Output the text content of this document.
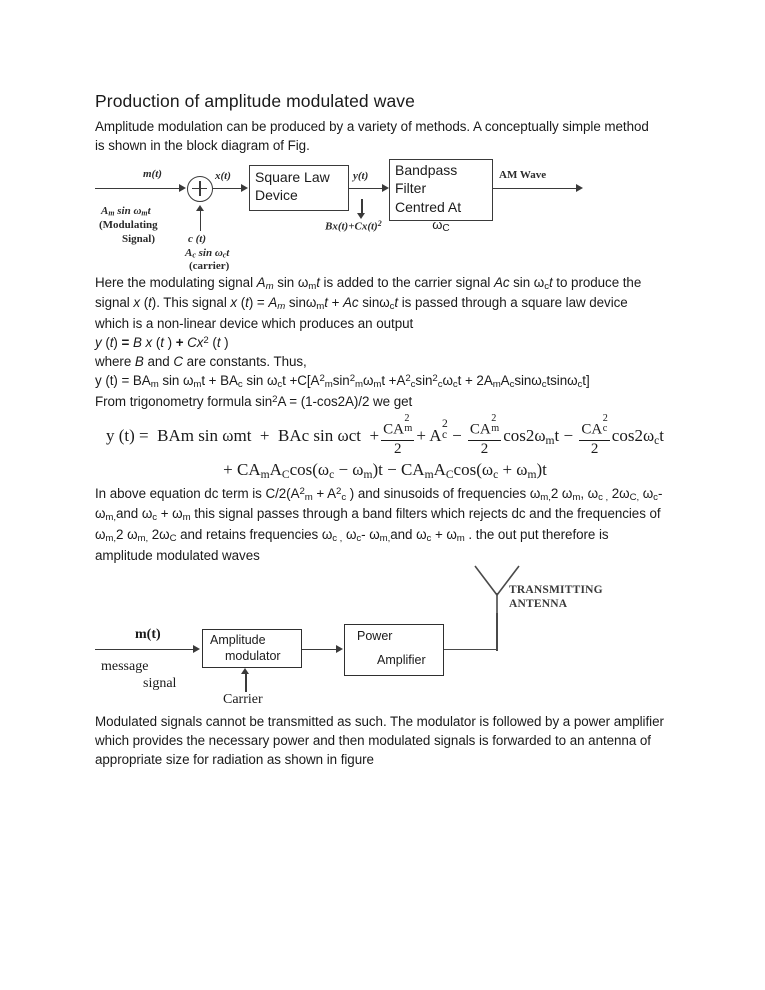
Production of amplitude modulated wave

Amplitude modulation can be produced by a variety of methods. A conceptually simple method is shown in the block diagram of Fig.

m(t)
$A_m$ $\sin \omega_mt$
(Modulating
Signal)	c (t)
$A_c$ $\sin \omega_ct$
(carrier)
x(t) Square Law
Device
y(t)
$Bx(t)+Cx(t)^2$
Bandpass Filter
Centred At
$\omega_C$
AM Wave

Here the modulating signal $A_m$ $\sin \omega_mt$ is added to the carrier signal Ac $\sin \omega_ct$ to produce the signal x (t). This signal x $(t) = A_m$ sinω$_m$t + Ac sinω$_c$t is passed through a square law device which is a non-linear device which produces an output

y (t) = B x (t ) + $Cx^2$ (t )

where B and C are constants. Thus,

y $(t) = BA_m$ $\sin \omega_mt + BA_c$ $\sin \omega_ct +C[A^2_m\sin^2_m\omega_mt +A^2_c\sin^2_c\omega_ct + 2A_mA_c\sin\omega_ctsin\omega_ct]$

From trigonometry formula $\sin^2A = (1-\cos 2A)/2$ we get

y (t) =  BAm sin ωmt  +  BAc sin ωct  + CA
2
m
2 + A
2
c − CA
2
m
2 $\cos 2\omega_mt$ − CA
2
c
2 $\cos 2\omega_ct$
+ $CA_mA_C\cos(\omega_c - \omega_m)t - CA_mA_C\cos(\omega_c + \omega_m)t$

In above equation dc term is $C/2(A^2_m + A^2_c$ ) and sinusoids of frequencies $\omega_{m,}2$ $\omega_m$, $\omega_{c ,}$ $2\omega_{C,}$ $\omega_c-$ $\omega_{m,}and$ $\omega_c + \omega_m$ this signal passes through a band filters which rejects dc and the frequencies of $\omega_{m,}2$ $\omega_{m,}$ $2\omega_C$ and retains frequencies $\omega_{c ,}$ $\omega_c-$ $\omega_{m,}and$ $\omega_c + \omega_m$ . the out put therefore is amplitude modulated waves

TRANSMITTING
ANTENNA
m(t)
message
signal
Amplitude
modulator
Carrier
Power
Amplifier

Modulated signals cannot be transmitted as such. The modulator is followed by a power amplifier which provides the necessary power and then modulated signals is forwarded to an antenna of appropriate size for radiation as shown in figure
